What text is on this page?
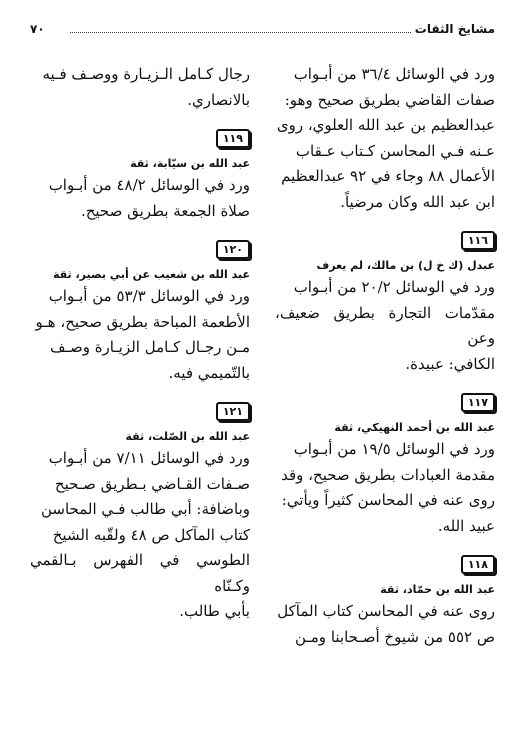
مشايخ الثقات
٧٠

ورد في الوسائل ٣٦/٤ من أبـواب

صفات القاضي بطريق صحيح وهو:

عبدالعظيم بن عبد الله العلوي، روى

عـنه فـي المحاسن كـتاب عـقاب

الأعمال ٨٨ وجاء في ٩٢ عبدالعظيم

ابن عبد الله وكان مرضياً.

١١٦
عبدل (ك خ ل) بن مالك، لم يعرف

ورد في الوسائل ٢٠/٢ من أبـواب

مقدّمات التجارة بطريق ضعيف، وعن

الكافي: عبيدة.

١١٧
عبد الله بن أحمد النهيكي، ثقة

ورد في الوسائل ١٩/٥ من أبـواب

مقدمة العبادات بطريق صحيح، وقد

روى عنه في المحاسن كثيراً ويأتي:

عبيد الله.

١١٨
عبد الله بن حمّاد، ثقة

روى عنه في المحاسن كتاب المآكل

ص ٥٥٢ من شيوخ أصـحابنا ومـن

رجال كـامل الـزيـارة ووصـف فـيه

بالانصاري.

١١٩
عبد الله بن سيّابة، ثقة

ورد في الوسائل ٤٨/٢ من أبـواب

صلاة الجمعة بطريق صحيح.

١٢٠
عبد الله بن شعيب عن أبي بصير، ثقة

ورد في الوسائل ٥٣/٣ من أبـواب

الأطعمة المباحة بطريق صحيح، هـو

مـن رجـال كـامل الزيـارة وصـف

بالتّميمي فيه.

١٢١
عبد الله بن الصّلت، ثقة

ورد في الوسائل ٧/١١ من أبـواب

صـفات القـاضي بـطريق صـحيح

وباضافة: أبي طالب فـي المحاسن

كتاب المآكل ص ٤٨ ولقّبه الشيخ

الطوسي في الفهرس بـالقمي وكـنّاه

بأبي طالب.
